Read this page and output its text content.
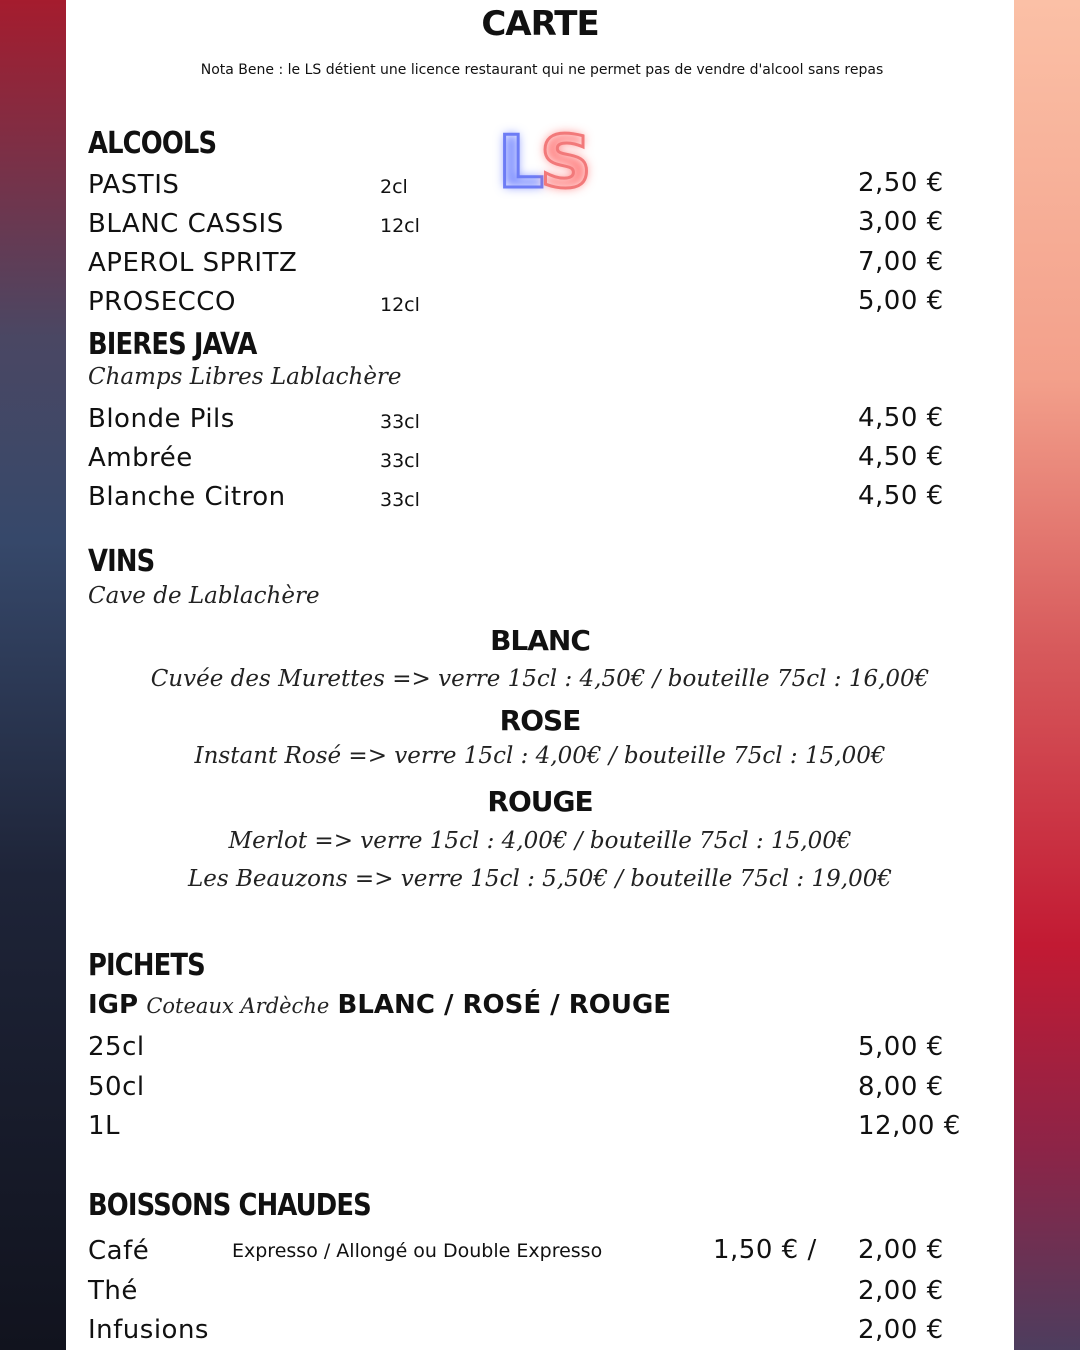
CARTE
Nota Bene : le LS détient une licence restaurant qui ne permet pas de vendre d'alcool sans repas
LS
ALCOOLS
PASTIS	2cl	2,50 €
BLANC CASSIS	12cl	3,00 €
APEROL SPRITZ	7,00 €
PROSECCO	12cl	5,00 €
BIERES JAVA
Champs Libres Lablachère
Blonde Pils	33cl	4,50 €
Ambrée	33cl	4,50 €
Blanche Citron	33cl	4,50 €
VINS
Cave de Lablachère
BLANC
Cuvée des Murettes => verre 15cl : 4,50€ / bouteille 75cl : 16,00€
ROSE
Instant Rosé => verre 15cl : 4,00€ / bouteille 75cl : 15,00€
ROUGE
Merlot => verre 15cl : 4,00€ / bouteille 75cl : 15,00€
Les Beauzons => verre 15cl : 5,50€ / bouteille 75cl : 19,00€
PICHETS
IGP Coteaux Ardèche BLANC / ROSÉ / ROUGE
25cl	5,00 €
50cl	8,00 €
1L	12,00 €
BOISSONS CHAUDES
Café	Expresso / Allongé ou Double Expresso	1,50 € / 2,00 €
Thé	2,00 €
Infusions	2,00 €
